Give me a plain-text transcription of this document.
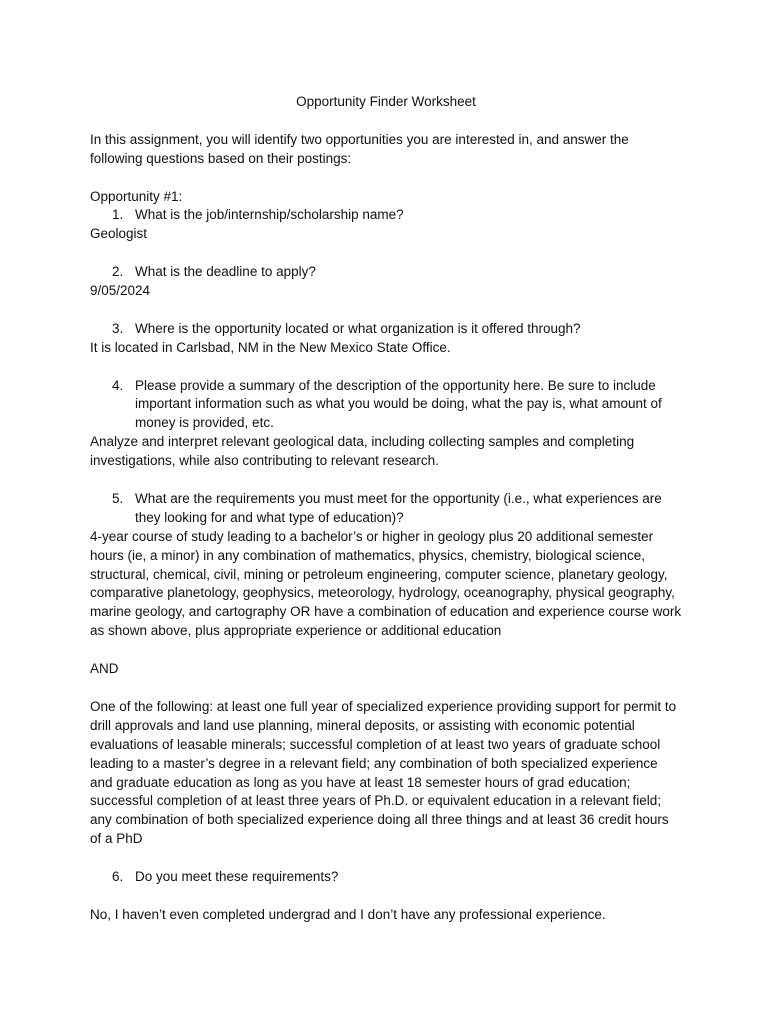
Opportunity Finder Worksheet

In this assignment, you will identify two opportunities you are interested in, and answer the following questions based on their postings:

Opportunity #1:

1. What is the job/internship/scholarship name?

Geologist

2. What is the deadline to apply?

9/05/2024

3. Where is the opportunity located or what organization is it offered through?

It is located in Carlsbad, NM in the New Mexico State Office.

4. Please provide a summary of the description of the opportunity here. Be sure to include important information such as what you would be doing, what the pay is, what amount of money is provided, etc.

Analyze and interpret relevant geological data, including collecting samples and completing investigations, while also contributing to relevant research.

5. What are the requirements you must meet for the opportunity (i.e., what experiences are they looking for and what type of education)?

4-year course of study leading to a bachelor’s or higher in geology plus 20 additional semester hours (ie, a minor) in any combination of mathematics, physics, chemistry, biological science, structural, chemical, civil, mining or petroleum engineering, computer science, planetary geology, comparative planetology, geophysics, meteorology, hydrology, oceanography, physical geography, marine geology, and cartography OR have a combination of education and experience course work as shown above, plus appropriate experience or additional education

AND

One of the following: at least one full year of specialized experience providing support for permit to drill approvals and land use planning, mineral deposits, or assisting with economic potential evaluations of leasable minerals; successful completion of at least two years of graduate school leading to a master’s degree in a relevant field; any combination of both specialized experience and graduate education as long as you have at least 18 semester hours of grad education; successful completion of at least three years of Ph.D. or equivalent education in a relevant field; any combination of both specialized experience doing all three things and at least 36 credit hours of a PhD

6. Do you meet these requirements?

No, I haven’t even completed undergrad and I don’t have any professional experience.
